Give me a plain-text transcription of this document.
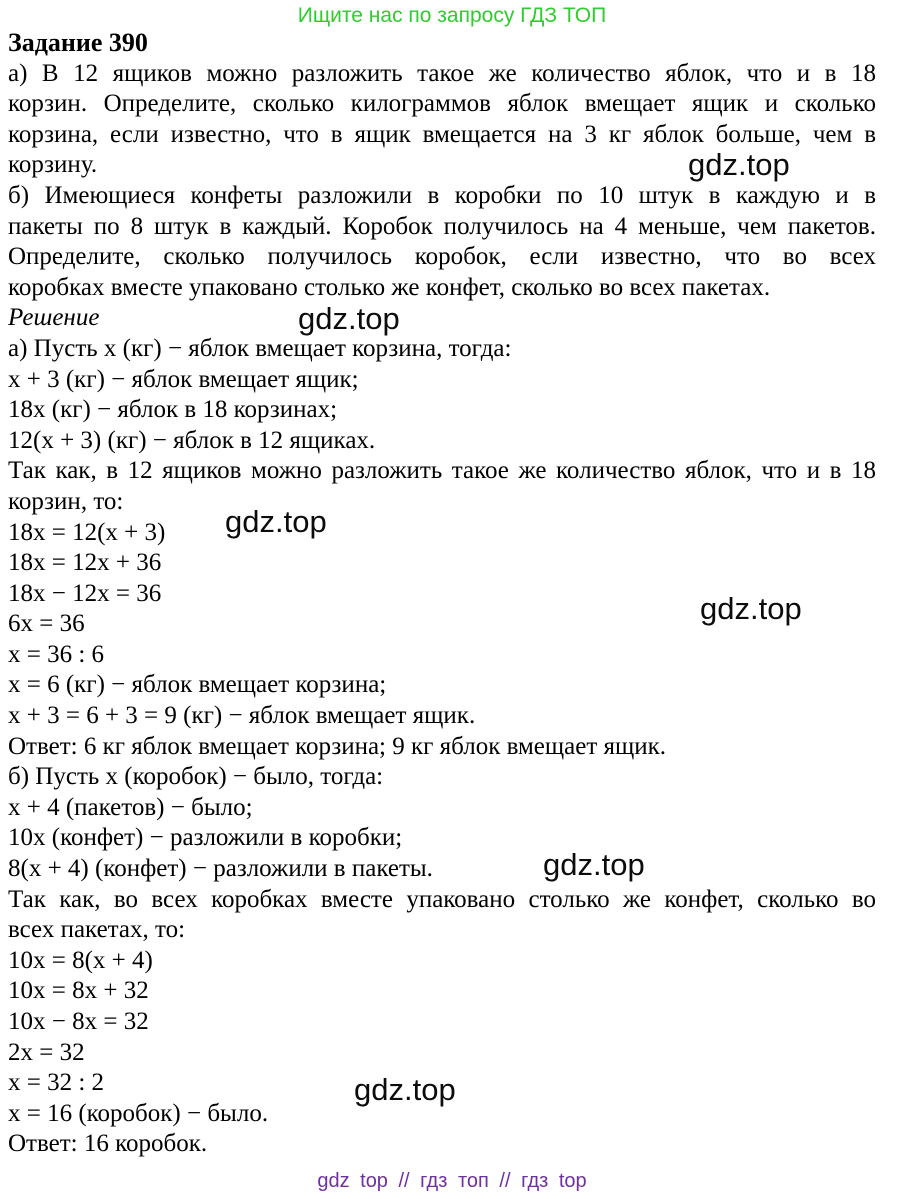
Ищите нас по запросу ГДЗ ТОП
Задание 390
а) В 12 ящиков можно разложить такое же количество яблок, что и в 18
корзин. Определите, сколько килограммов яблок вмещает ящик и сколько
корзина, если известно, что в ящик вмещается на 3 кг яблок больше, чем в
корзину.
б) Имеющиеся конфеты разложили в коробки по 10 штук в каждую и в
пакеты по 8 штук в каждый. Коробок получилось на 4 меньше, чем пакетов.
Определите, сколько получилось коробок, если известно, что во всех
коробках вместе упаковано столько же конфет, сколько во всех пакетах.
Решение
а) Пусть х (кг) − яблок вмещает корзина, тогда:
х + 3 (кг) − яблок вмещает ящик;
18х (кг) − яблок в 18 корзинах;
12(х + 3) (кг) − яблок в 12 ящиках.
Так как, в 12 ящиков можно разложить такое же количество яблок, что и в 18
корзин, то:
18х = 12(х + 3)
18х = 12х + 36
18х − 12х = 36
6х = 36
х = 36 : 6
х = 6 (кг) − яблок вмещает корзина;
х + 3 = 6 + 3 = 9 (кг) − яблок вмещает ящик.
Ответ: 6 кг яблок вмещает корзина; 9 кг яблок вмещает ящик.
б) Пусть х (коробок) − было, тогда:
х + 4 (пакетов) − было;
10х (конфет) − разложили в коробки;
8(х + 4) (конфет) − разложили в пакеты.
Так как, во всех коробках вместе упаковано столько же конфет, сколько во
всех пакетах, то:
10х = 8(х + 4)
10х = 8х + 32
10х − 8х = 32
2х = 32
х = 32 : 2
х = 16 (коробок) − было.
Ответ: 16 коробок.
gdz.top
gdz.top
gdz.top
gdz.top
gdz.top
gdz.top
gdz top // гдз топ // гдз top
